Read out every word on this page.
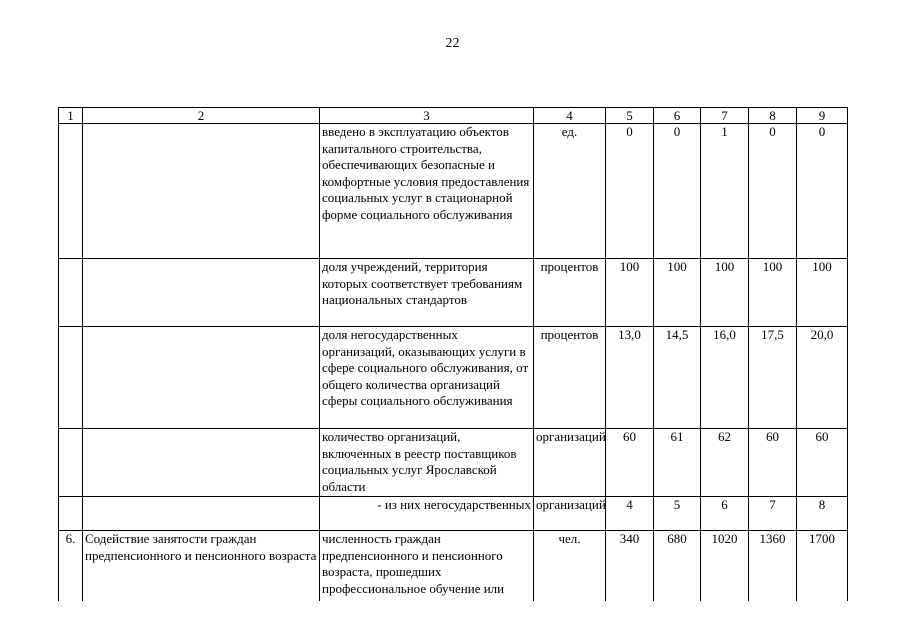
22
1	2	3	4	5	6	7	8	9
		введено в эксплуатацию объектов капитального строительства, обеспечивающих безопасные и комфортные условия предоставления социальных услуг в стационарной форме социального обслуживания	ед.	0	0	1	0	0
		доля учреждений, территория которых соответствует требованиям национальных стандартов	процентов	100	100	100	100	100
		доля негосударственных организаций, оказывающих услуги в сфере социального обслуживания, от общего количества организаций сферы социального обслуживания	процентов	13,0	14,5	16,0	17,5	20,0
		количество организаций, включенных в реестр поставщиков социальных услуг Ярославской области	организаций	60	61	62	60	60
		- из них негосударственных	организаций	4	5	6	7	8
6.	Содействие занятости граждан предпенсионного и пенсионного возраста	численность граждан предпенсионного и пенсионного возраста, прошедших профессиональное обучение или	чел.	340	680	1020	1360	1700
